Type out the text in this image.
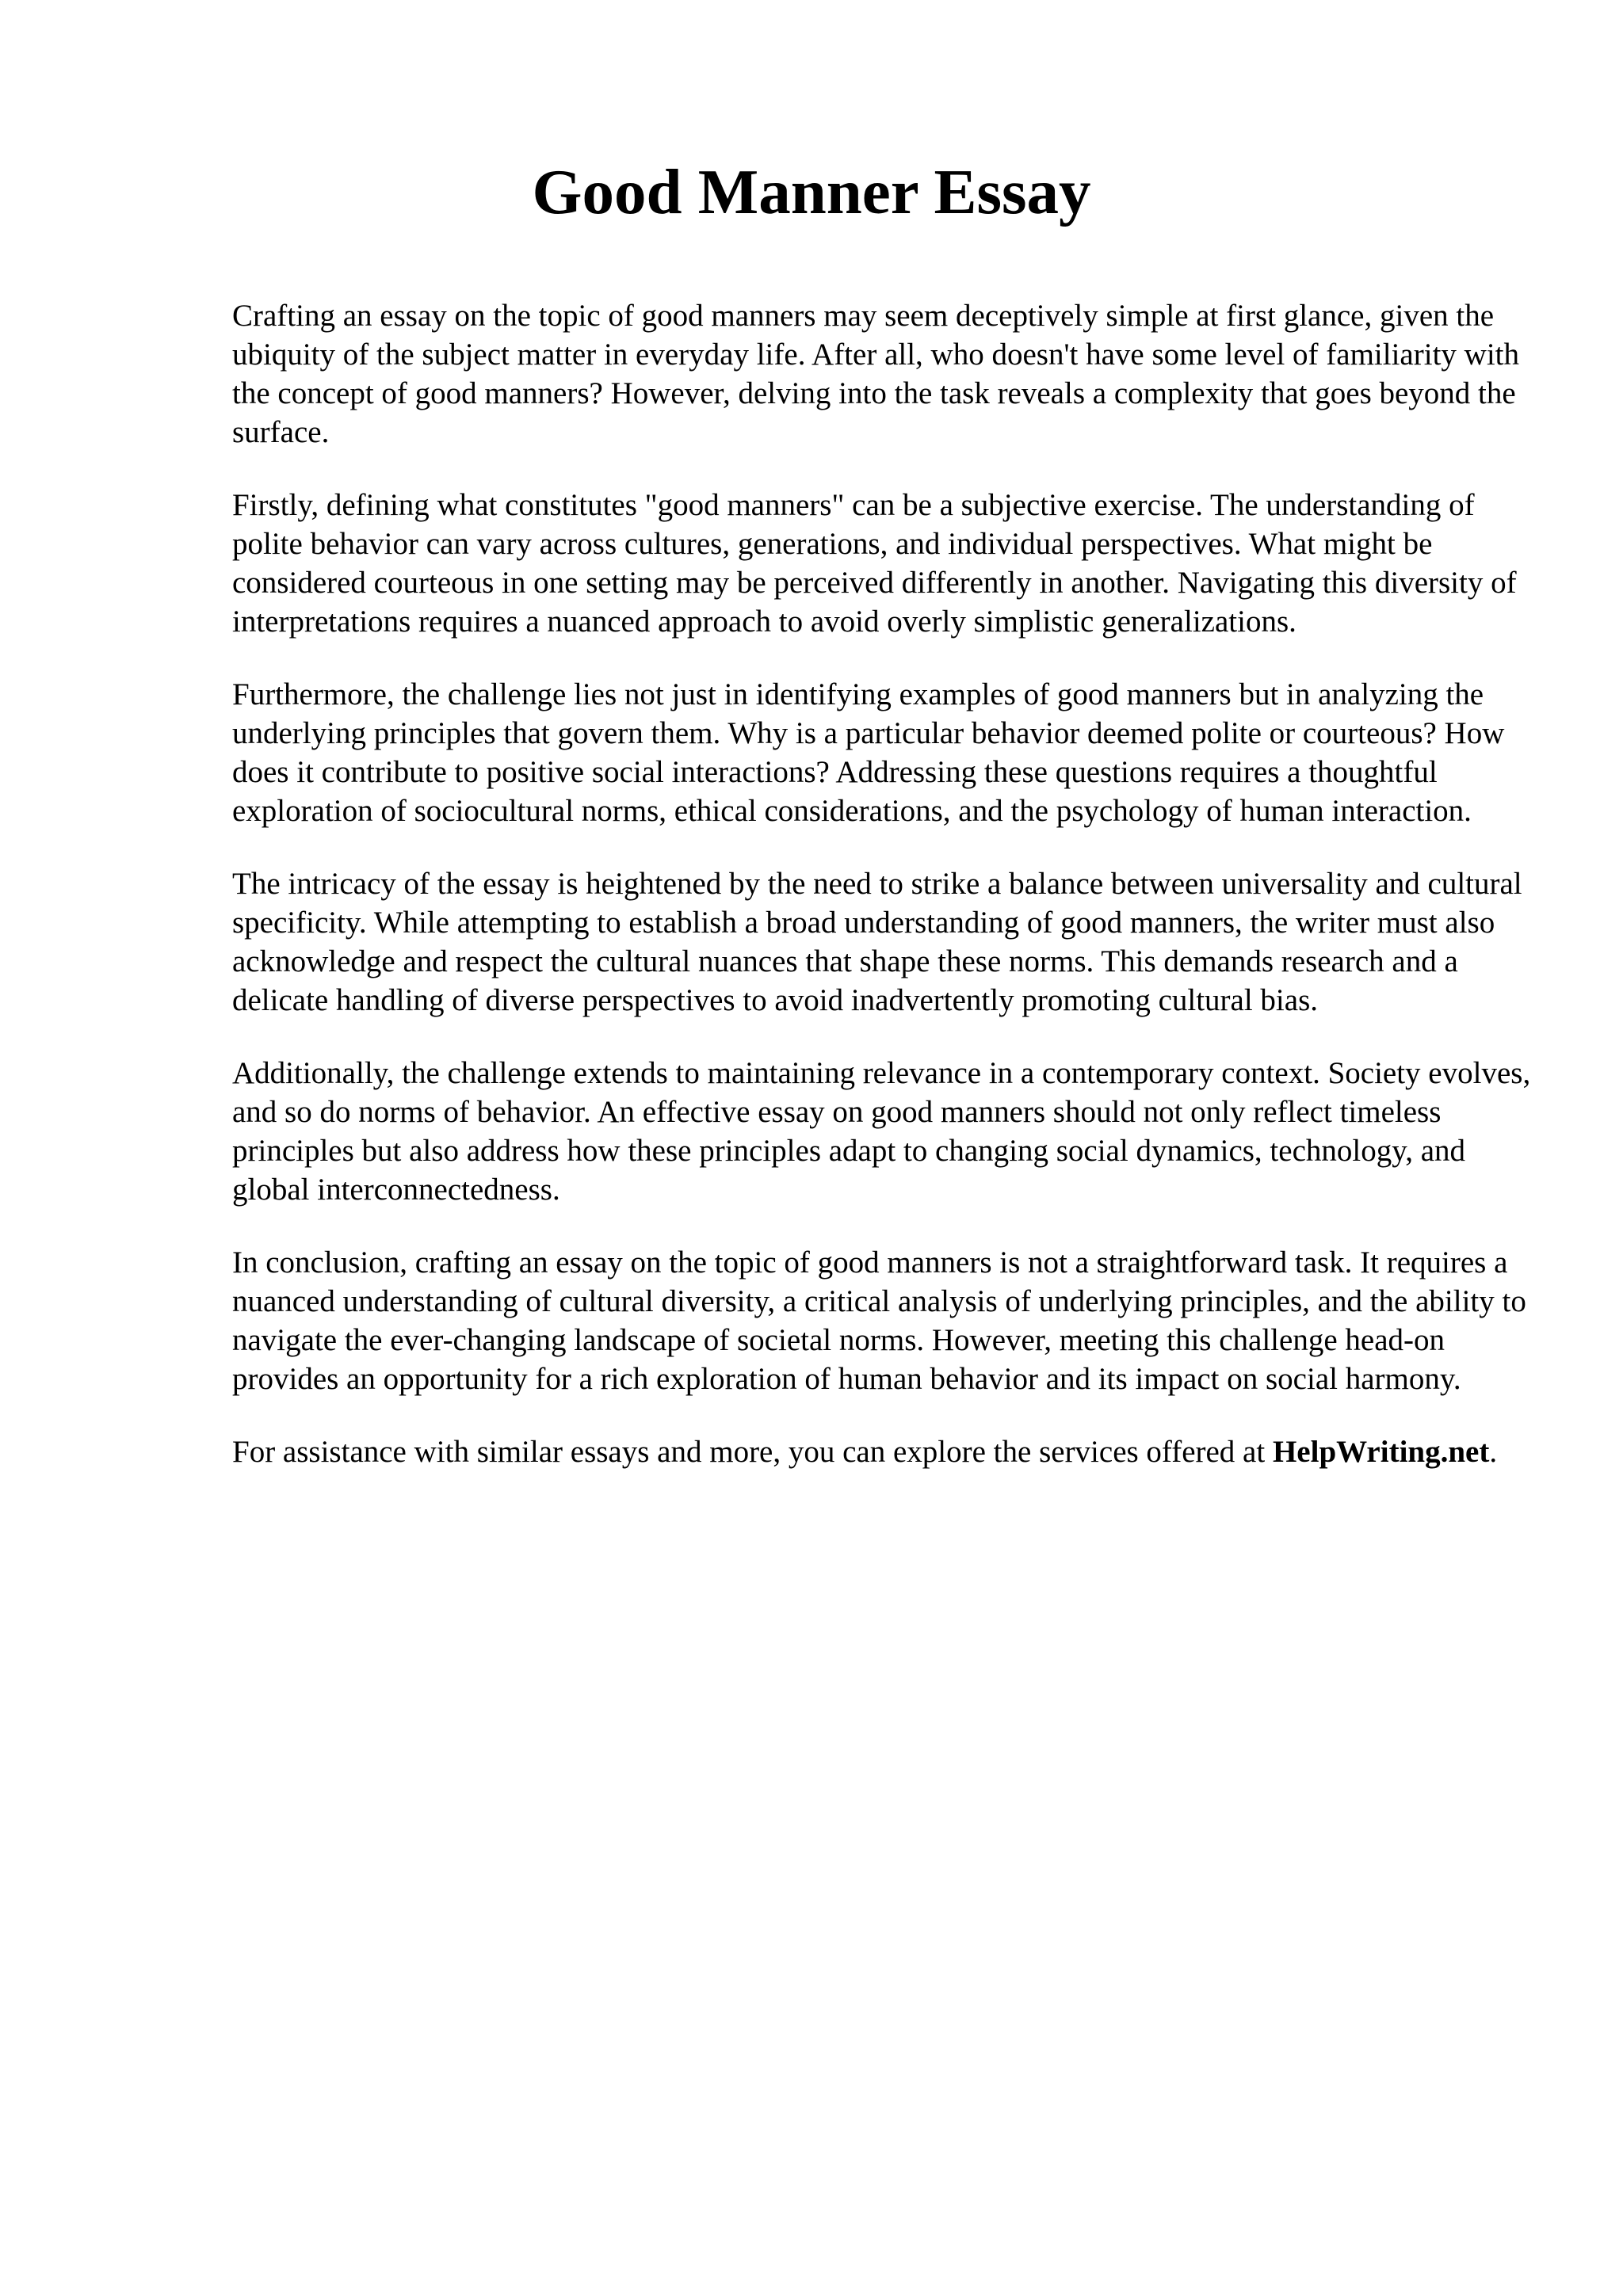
Good Manner Essay

Crafting an essay on the topic of good manners may seem deceptively simple at first glance, given the ubiquity of the subject matter in everyday life. After all, who doesn't have some level of familiarity with the concept of good manners? However, delving into the task reveals a complexity that goes beyond the surface.

Firstly, defining what constitutes "good manners" can be a subjective exercise. The understanding of polite behavior can vary across cultures, generations, and individual perspectives. What might be considered courteous in one setting may be perceived differently in another. Navigating this diversity of interpretations requires a nuanced approach to avoid overly simplistic generalizations.

Furthermore, the challenge lies not just in identifying examples of good manners but in analyzing the underlying principles that govern them. Why is a particular behavior deemed polite or courteous? How does it contribute to positive social interactions? Addressing these questions requires a thoughtful exploration of sociocultural norms, ethical considerations, and the psychology of human interaction.

The intricacy of the essay is heightened by the need to strike a balance between universality and cultural specificity. While attempting to establish a broad understanding of good manners, the writer must also acknowledge and respect the cultural nuances that shape these norms. This demands research and a delicate handling of diverse perspectives to avoid inadvertently promoting cultural bias.

Additionally, the challenge extends to maintaining relevance in a contemporary context. Society evolves, and so do norms of behavior. An effective essay on good manners should not only reflect timeless principles but also address how these principles adapt to changing social dynamics, technology, and global interconnectedness.

In conclusion, crafting an essay on the topic of good manners is not a straightforward task. It requires a nuanced understanding of cultural diversity, a critical analysis of underlying principles, and the ability to navigate the ever-changing landscape of societal norms. However, meeting this challenge head-on provides an opportunity for a rich exploration of human behavior and its impact on social harmony.

For assistance with similar essays and more, you can explore the services offered at HelpWriting.net.
